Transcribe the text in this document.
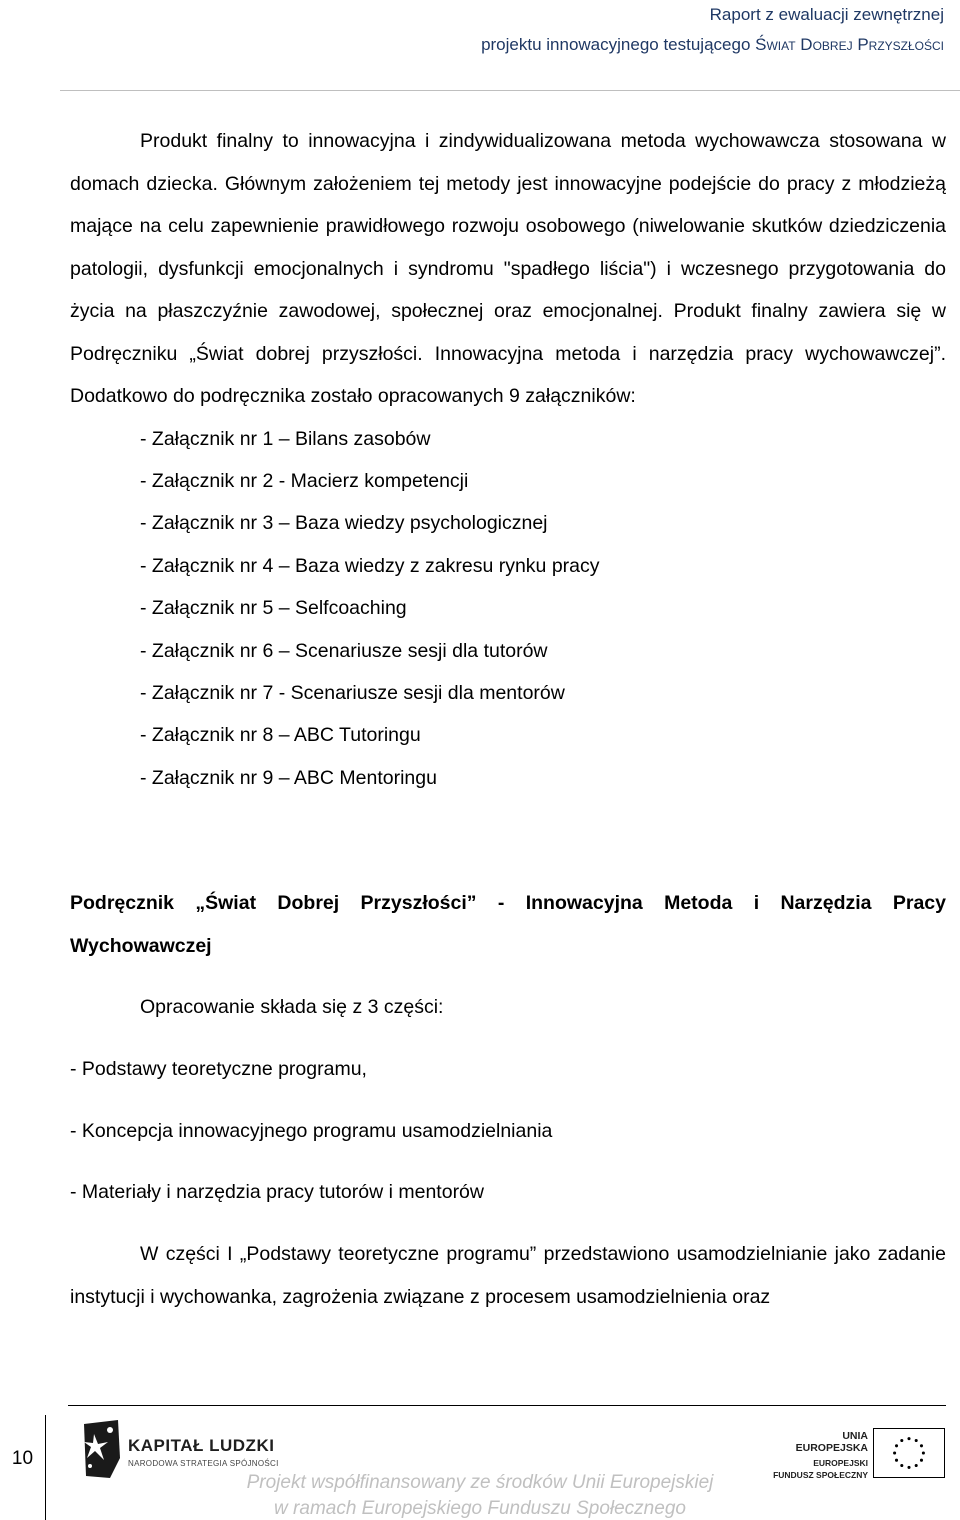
Raport z ewaluacji zewnętrznej
projektu innowacyjnego testującego Świat Dobrej Przyszłości

Produkt finalny to innowacyjna i zindywidualizowana metoda wychowawcza stosowana w domach dziecka. Głównym założeniem tej metody jest innowacyjne podejście do pracy z młodzieżą mające na celu zapewnienie prawidłowego rozwoju osobowego (niwelowanie skutków dziedziczenia patologii, dysfunkcji emocjonalnych i syndromu "spadłego liścia") i wczesnego przygotowania do życia na płaszczyźnie zawodowej, społecznej oraz emocjonalnej. Produkt finalny zawiera się w Podręczniku „Świat dobrej przyszłości. Innowacyjna metoda i narzędzia pracy wychowawczej”. Dodatkowo do podręcznika zostało opracowanych 9 załączników:

- Załącznik nr 1 – Bilans zasobów
- Załącznik nr 2 - Macierz kompetencji
- Załącznik nr 3 – Baza wiedzy psychologicznej
- Załącznik nr 4 – Baza wiedzy z zakresu rynku pracy
- Załącznik nr 5 – Selfcoaching
- Załącznik nr 6 – Scenariusze sesji dla tutorów
- Załącznik nr 7 - Scenariusze sesji dla mentorów
- Załącznik nr 8 – ABC Tutoringu
- Załącznik nr 9 – ABC Mentoringu
Podręcznik „Świat Dobrej Przyszłości” - Innowacyjna Metoda i Narzędzia Pracy Wychowawczej
Opracowanie składa się z 3 części:
- Podstawy teoretyczne programu,
- Koncepcja innowacyjnego programu usamodzielniania
- Materiały i narzędzia pracy tutorów i mentorów

W części I „Podstawy teoretyczne programu” przedstawiono usamodzielnianie jako zadanie instytucji i wychowanka, zagrożenia związane z procesem usamodzielnienia oraz

10
KAPITAŁ LUDZKI
NARODOWA STRATEGIA SPÓJNOŚCI
UNIA EUROPEJSKA
EUROPEJSKI
FUNDUSZ SPOŁECZNY
Projekt współfinansowany ze środków Unii Europejskiej
w ramach Europejskiego Funduszu Społecznego
